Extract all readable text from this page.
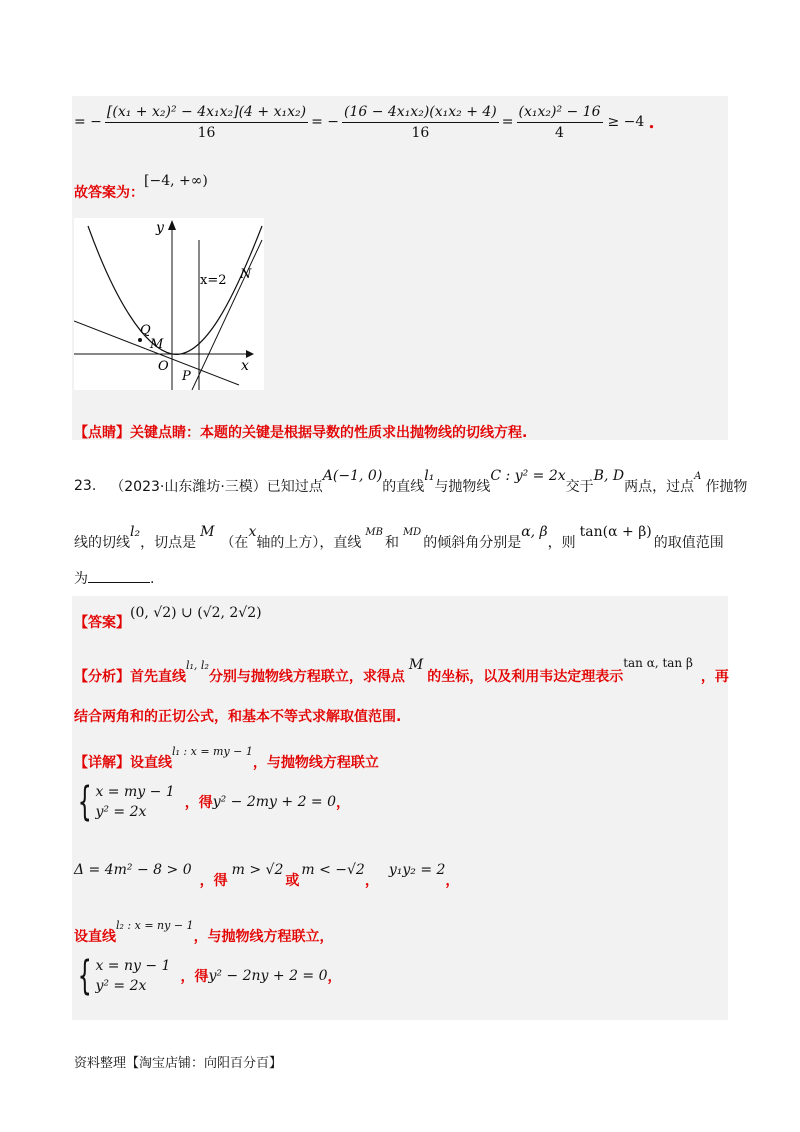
= − $\frac{\text{[(x₁ + x₂)² − 4x₁x₂](4 + x₁x₂)}}{16}$ = − $\frac{\text{(16 − 4x₁x₂)(x₁x₂ + 4)}}{16} = \frac{\text{(x₁x₂)² − 16}}{4} \ge -4$ .
故答案为：
[−4, +∞)
y
x
x=2 N
Q
M
O
P
【点睛】关键点睛：本题的关键是根据导数的性质求出抛物线的切线方程.
23. （2023·山东潍坊·三模）已知过点
A(−1, 0)
的直线
l₁
与抛物线
C : y² = 2x
交于
B, D
两点，过点
A
作抛物
线的切线
l₂
，切点是
M
（在
x
轴的上方），直线
MB
和
MD
的倾斜角分别是
α, β
，则
tan(α + β)
的取值范围
为	.
【答案】
(0, √2) ∪ (√2, 2√2)
【分析】首先直线
l₁, l₂
分别与抛物线方程联立，求得点
M
的坐标，以及利用韦达定理表示
tan α, tan β
，再
结合两角和的正切公式，和基本不等式求解取值范围.
【详解】设直线
l₁ : x = my − 1
，与抛物线方程联立
{ x = my − 1
y² = 2x
，得 y² − 2my + 2 = 0 ，
Δ = 4m² − 8 > 0
，得
m > √2
或
m < −√2
，
y₁y₂ = 2
，
设直线
l₂ : x = ny − 1
，与抛物线方程联立，
{ x = ny − 1
y² = 2x
，得 y² − 2ny + 2 = 0 ，
资料整理【淘宝店铺：向阳百分百】
